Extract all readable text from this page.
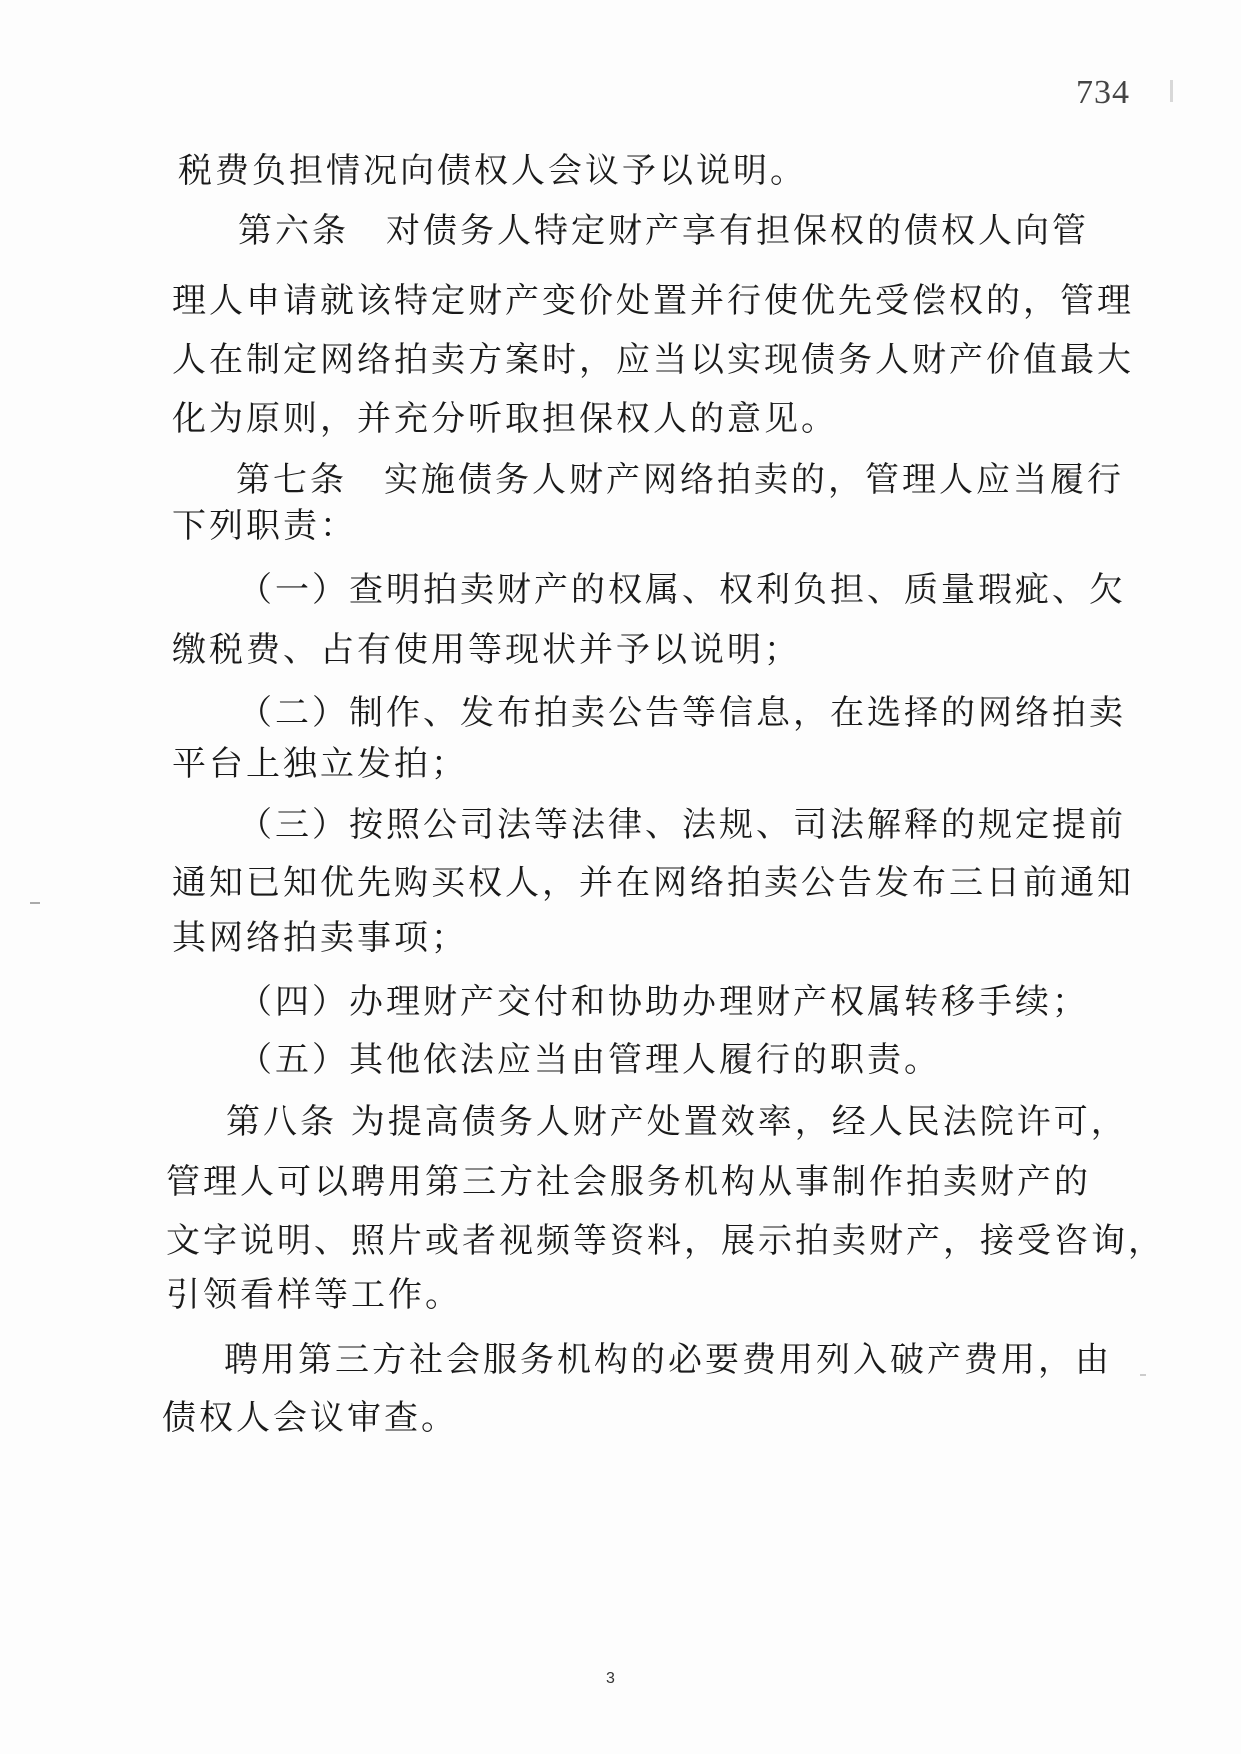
734
税费负担情况向债权人会议予以说明。
第六条　对债务人特定财产享有担保权的债权人向管
理人申请就该特定财产变价处置并行使优先受偿权的，管理
人在制定网络拍卖方案时，应当以实现债务人财产价值最大
化为原则，并充分听取担保权人的意见。
第七条　实施债务人财产网络拍卖的，管理人应当履行
下列职责：
（一）查明拍卖财产的权属、权利负担、质量瑕疵、欠
缴税费、占有使用等现状并予以说明；
（二）制作、发布拍卖公告等信息，在选择的网络拍卖
平台上独立发拍；
（三）按照公司法等法律、法规、司法解释的规定提前
通知已知优先购买权人，并在网络拍卖公告发布三日前通知
其网络拍卖事项；
（四）办理财产交付和协助办理财产权属转移手续；
（五）其他依法应当由管理人履行的职责。
第八条 为提高债务人财产处置效率，经人民法院许可，
管理人可以聘用第三方社会服务机构从事制作拍卖财产的
文字说明、照片或者视频等资料，展示拍卖财产，接受咨询，
引领看样等工作。
聘用第三方社会服务机构的必要费用列入破产费用，由
债权人会议审查。
3
